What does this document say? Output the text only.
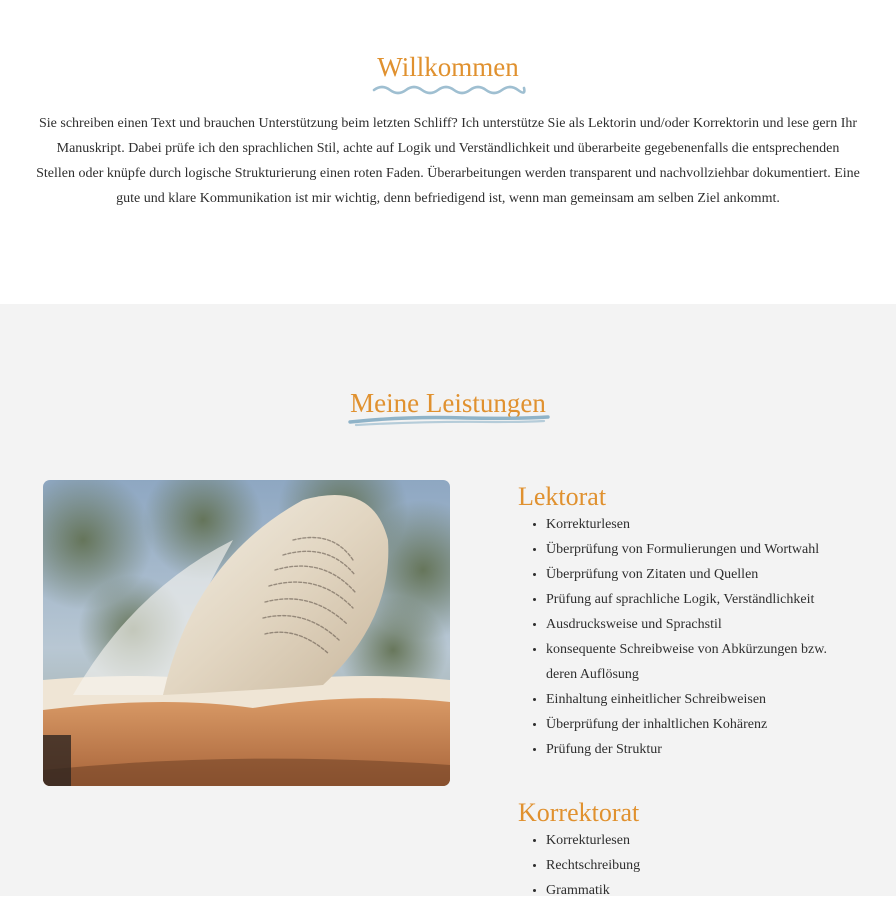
Willkommen

Sie schreiben einen Text und brauchen Unterstützung beim letzten Schliff? Ich unterstütze Sie als Lektorin und/oder Korrektorin und lese gern Ihr Manuskript. Dabei prüfe ich den sprachlichen Stil, achte auf Logik und Verständlichkeit und überarbeite gegebenenfalls die entsprechenden Stellen oder knüpfe durch logische Strukturierung einen roten Faden. Überarbeitungen werden transparent und nachvollziehbar dokumentiert. Eine gute und klare Kommunikation ist mir wichtig, denn befriedigend ist, wenn man gemeinsam am selben Ziel ankommt.

Meine Leistungen
Lektorat
• Korrekturlesen
• Überprüfung von Formulierungen und Wortwahl
• Überprüfung von Zitaten und Quellen
• Prüfung auf sprachliche Logik, Verständlichkeit
• Ausdrucksweise und Sprachstil
• konsequente Schreibweise von Abkürzungen bzw. deren Auflösung
• Einhaltung einheitlicher Schreibweisen
• Überprüfung der inhaltlichen Kohärenz
• Prüfung der Struktur
Korrektorat
• Korrekturlesen
• Rechtschreibung
• Grammatik
